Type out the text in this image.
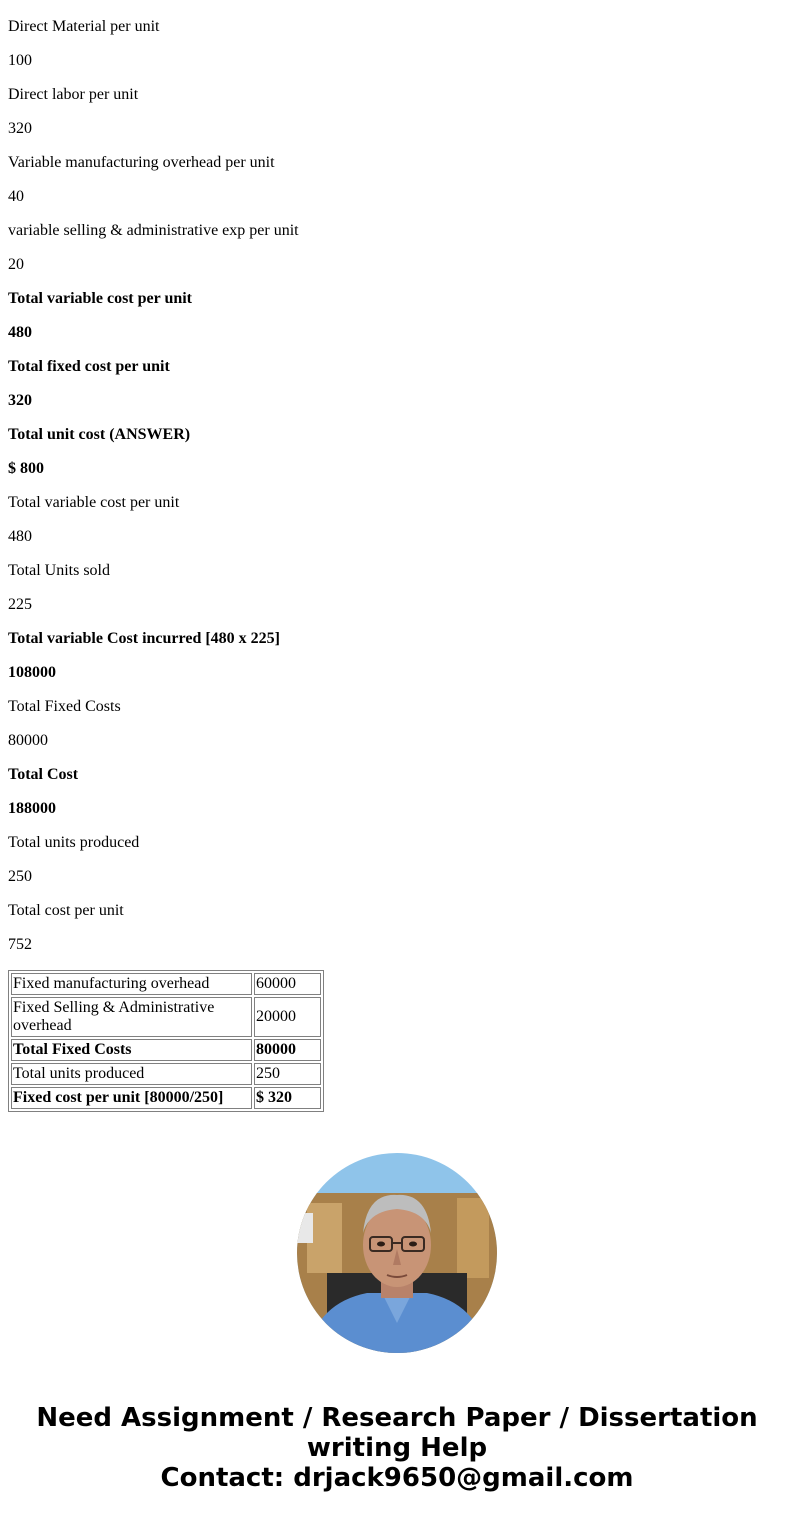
Direct Material per unit

100

Direct labor per unit

320

Variable manufacturing overhead per unit

40

variable selling & administrative exp per unit

20

Total variable cost per unit

480

Total fixed cost per unit

320

Total unit cost (ANSWER)

$ 800

Total variable cost per unit

480

Total Units sold

225

Total variable Cost incurred [480 x 225]

108000

Total Fixed Costs

80000

Total Cost

188000

Total units produced

250

Total cost per unit

752

Fixed manufacturing overhead	60000
Fixed Selling & Administrative overhead	20000
Total Fixed Costs	80000
Total units produced	250
Fixed cost per unit [80000/250]	$ 320
Need Assignment / Research Paper / Dissertation
writing Help
Contact: drjack9650@gmail.com
